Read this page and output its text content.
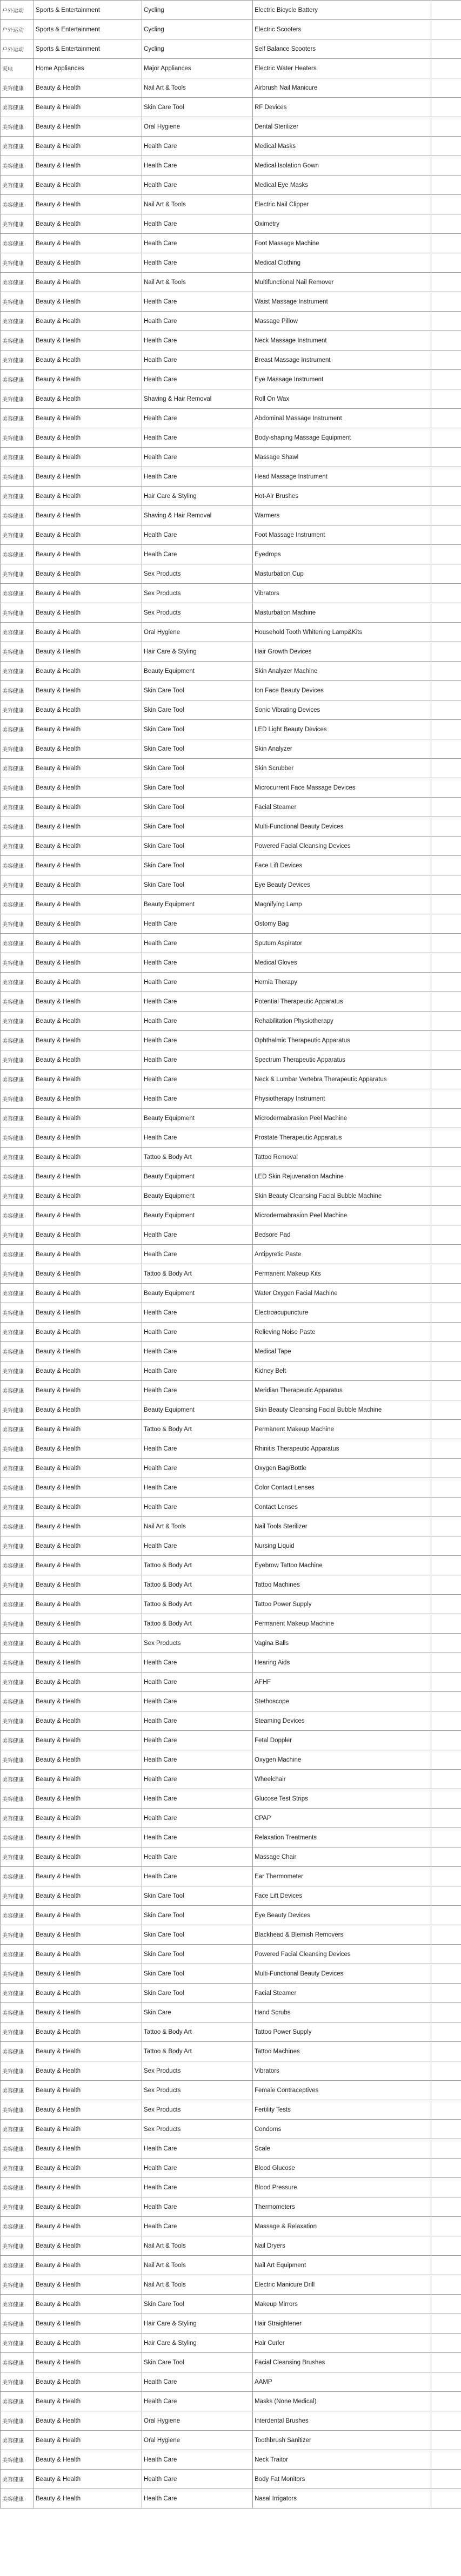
户外运动	Sports & Entertainment	Cycling	Electric Bicycle Battery	
户外运动	Sports & Entertainment	Cycling	Electric Scooters	
户外运动	Sports & Entertainment	Cycling	Self Balance Scooters	
家电	Home Appliances	Major Appliances	Electric Water Heaters	
美容健康	Beauty & Health	Nail Art & Tools	Airbrush Nail Manicure	
美容健康	Beauty & Health	Skin Care Tool	RF Devices	
美容健康	Beauty & Health	Oral Hygiene	Dental Sterilizer	
美容健康	Beauty & Health	Health Care	Medical Masks	
美容健康	Beauty & Health	Health Care	Medical Isolation Gown	
美容健康	Beauty & Health	Health Care	Medical Eye Masks	
美容健康	Beauty & Health	Nail Art & Tools	Electric Nail Clipper	
美容健康	Beauty & Health	Health Care	Oximetry	
美容健康	Beauty & Health	Health Care	Foot Massage Machine	
美容健康	Beauty & Health	Health Care	Medical Clothing	
美容健康	Beauty & Health	Nail Art & Tools	Multifunctional Nail Remover	
美容健康	Beauty & Health	Health Care	Waist Massage Instrument	
美容健康	Beauty & Health	Health Care	Massage Pillow	
美容健康	Beauty & Health	Health Care	Neck Massage Instrument	
美容健康	Beauty & Health	Health Care	Breast Massage Instrument	
美容健康	Beauty & Health	Health Care	Eye Massage Instrument	
美容健康	Beauty & Health	Shaving & Hair Removal	Roll On Wax	
美容健康	Beauty & Health	Health Care	Abdominal Massage Instrument	
美容健康	Beauty & Health	Health Care	Body-shaping Massage Equipment	
美容健康	Beauty & Health	Health Care	Massage Shawl	
美容健康	Beauty & Health	Health Care	Head Massage Instrument	
美容健康	Beauty & Health	Hair Care & Styling	Hot-Air Brushes	
美容健康	Beauty & Health	Shaving & Hair Removal	Warmers	
美容健康	Beauty & Health	Health Care	Foot Massage Instrument	
美容健康	Beauty & Health	Health Care	Eyedrops	
美容健康	Beauty & Health	Sex Products	Masturbation Cup	
美容健康	Beauty & Health	Sex Products	Vibrators	
美容健康	Beauty & Health	Sex Products	Masturbation Machine	
美容健康	Beauty & Health	Oral Hygiene	Household Tooth Whitening Lamp&Kits	
美容健康	Beauty & Health	Hair Care & Styling	Hair Growth Devices	
美容健康	Beauty & Health	Beauty Equipment	Skin Analyzer Machine	
美容健康	Beauty & Health	Skin Care Tool	Ion Face Beauty Devices	
美容健康	Beauty & Health	Skin Care Tool	Sonic Vibrating Devices	
美容健康	Beauty & Health	Skin Care Tool	LED Light Beauty Devices	
美容健康	Beauty & Health	Skin Care Tool	Skin Analyzer	
美容健康	Beauty & Health	Skin Care Tool	Skin Scrubber	
美容健康	Beauty & Health	Skin Care Tool	Microcurrent Face Massage Devices	
美容健康	Beauty & Health	Skin Care Tool	Facial Steamer	
美容健康	Beauty & Health	Skin Care Tool	Multi-Functional Beauty Devices	
美容健康	Beauty & Health	Skin Care Tool	Powered Facial Cleansing Devices	
美容健康	Beauty & Health	Skin Care Tool	Face Lift Devices	
美容健康	Beauty & Health	Skin Care Tool	Eye Beauty Devices	
美容健康	Beauty & Health	Beauty Equipment	Magnifying Lamp	
美容健康	Beauty & Health	Health Care	Ostomy Bag	
美容健康	Beauty & Health	Health Care	Sputum Aspirator	
美容健康	Beauty & Health	Health Care	Medical Gloves	
美容健康	Beauty & Health	Health Care	Hernia Therapy	
美容健康	Beauty & Health	Health Care	Potential Therapeutic Apparatus	
美容健康	Beauty & Health	Health Care	Rehabilitation Physiotherapy	
美容健康	Beauty & Health	Health Care	Ophthalmic Therapeutic Apparatus	
美容健康	Beauty & Health	Health Care	Spectrum Therapeutic Apparatus	
美容健康	Beauty & Health	Health Care	Neck & Lumbar Vertebra Therapeutic Apparatus	
美容健康	Beauty & Health	Health Care	Physiotherapy Instrument	
美容健康	Beauty & Health	Beauty Equipment	Microdermabrasion Peel Machine	
美容健康	Beauty & Health	Health Care	Prostate Therapeutic Apparatus	
美容健康	Beauty & Health	Tattoo & Body Art	Tattoo Removal	
美容健康	Beauty & Health	Beauty Equipment	LED Skin Rejuvenation Machine	
美容健康	Beauty & Health	Beauty Equipment	Skin Beauty Cleansing Facial Bubble Machine	
美容健康	Beauty & Health	Beauty Equipment	Microdermabrasion Peel Machine	
美容健康	Beauty & Health	Health Care	Bedsore Pad	
美容健康	Beauty & Health	Health Care	Antipyretic Paste	
美容健康	Beauty & Health	Tattoo & Body Art	Permanent Makeup Kits	
美容健康	Beauty & Health	Beauty Equipment	Water Oxygen Facial Machine	
美容健康	Beauty & Health	Health Care	Electroacupuncture	
美容健康	Beauty & Health	Health Care	Relieving Noise Paste	
美容健康	Beauty & Health	Health Care	Medical Tape	
美容健康	Beauty & Health	Health Care	Kidney Belt	
美容健康	Beauty & Health	Health Care	Meridian Therapeutic Apparatus	
美容健康	Beauty & Health	Beauty Equipment	Skin Beauty Cleansing Facial Bubble Machine	
美容健康	Beauty & Health	Tattoo & Body Art	Permanent Makeup Machine	
美容健康	Beauty & Health	Health Care	Rhinitis Therapeutic Apparatus	
美容健康	Beauty & Health	Health Care	Oxygen Bag/Bottle	
美容健康	Beauty & Health	Health Care	Color Contact Lenses	
美容健康	Beauty & Health	Health Care	Contact Lenses	
美容健康	Beauty & Health	Nail Art & Tools	Nail Tools Sterilizer	
美容健康	Beauty & Health	Health Care	Nursing Liquid	
美容健康	Beauty & Health	Tattoo & Body Art	Eyebrow Tattoo Machine	
美容健康	Beauty & Health	Tattoo & Body Art	Tattoo Machines	
美容健康	Beauty & Health	Tattoo & Body Art	Tattoo Power Supply	
美容健康	Beauty & Health	Tattoo & Body Art	Permanent Makeup Machine	
美容健康	Beauty & Health	Sex Products	Vagina Balls	
美容健康	Beauty & Health	Health Care	Hearing Aids	
美容健康	Beauty & Health	Health Care	AFHF	
美容健康	Beauty & Health	Health Care	Stethoscope	
美容健康	Beauty & Health	Health Care	Steaming Devices	
美容健康	Beauty & Health	Health Care	Fetal Doppler	
美容健康	Beauty & Health	Health Care	Oxygen Machine	
美容健康	Beauty & Health	Health Care	Wheelchair	
美容健康	Beauty & Health	Health Care	Glucose Test Strips	
美容健康	Beauty & Health	Health Care	CPAP	
美容健康	Beauty & Health	Health Care	Relaxation Treatments	
美容健康	Beauty & Health	Health Care	Massage Chair	
美容健康	Beauty & Health	Health Care	Ear Thermometer	
美容健康	Beauty & Health	Skin Care Tool	Face Lift Devices	
美容健康	Beauty & Health	Skin Care Tool	Eye Beauty Devices	
美容健康	Beauty & Health	Skin Care Tool	Blackhead & Blemish Removers	
美容健康	Beauty & Health	Skin Care Tool	Powered Facial Cleansing Devices	
美容健康	Beauty & Health	Skin Care Tool	Multi-Functional Beauty Devices	
美容健康	Beauty & Health	Skin Care Tool	Facial Steamer	
美容健康	Beauty & Health	Skin Care	Hand Scrubs	
美容健康	Beauty & Health	Tattoo & Body Art	Tattoo Power Supply	
美容健康	Beauty & Health	Tattoo & Body Art	Tattoo Machines	
美容健康	Beauty & Health	Sex Products	Vibrators	
美容健康	Beauty & Health	Sex Products	Female Contraceptives	
美容健康	Beauty & Health	Sex Products	Fertility Tests	
美容健康	Beauty & Health	Sex Products	Condoms	
美容健康	Beauty & Health	Health Care	Scale	
美容健康	Beauty & Health	Health Care	Blood Glucose	
美容健康	Beauty & Health	Health Care	Blood Pressure	
美容健康	Beauty & Health	Health Care	Thermometers	
美容健康	Beauty & Health	Health Care	Massage & Relaxation	
美容健康	Beauty & Health	Nail Art & Tools	Nail Dryers	
美容健康	Beauty & Health	Nail Art & Tools	Nail Art Equipment	
美容健康	Beauty & Health	Nail Art & Tools	Electric Manicure Drill	
美容健康	Beauty & Health	Skin Care Tool	Makeup Mirrors	
美容健康	Beauty & Health	Hair Care & Styling	Hair Straightener	
美容健康	Beauty & Health	Hair Care & Styling	Hair Curler	
美容健康	Beauty & Health	Skin Care Tool	Facial Cleansing Brushes	
美容健康	Beauty & Health	Health Care	AAMP	
美容健康	Beauty & Health	Health Care	Masks (None Medical)	
美容健康	Beauty & Health	Oral Hygiene	Interdental Brushes	
美容健康	Beauty & Health	Oral Hygiene	Toothbrush Sanitizer	
美容健康	Beauty & Health	Health Care	Neck Traitor	
美容健康	Beauty & Health	Health Care	Body Fat Monitors	
美容健康	Beauty & Health	Health Care	Nasal Irrigators	
